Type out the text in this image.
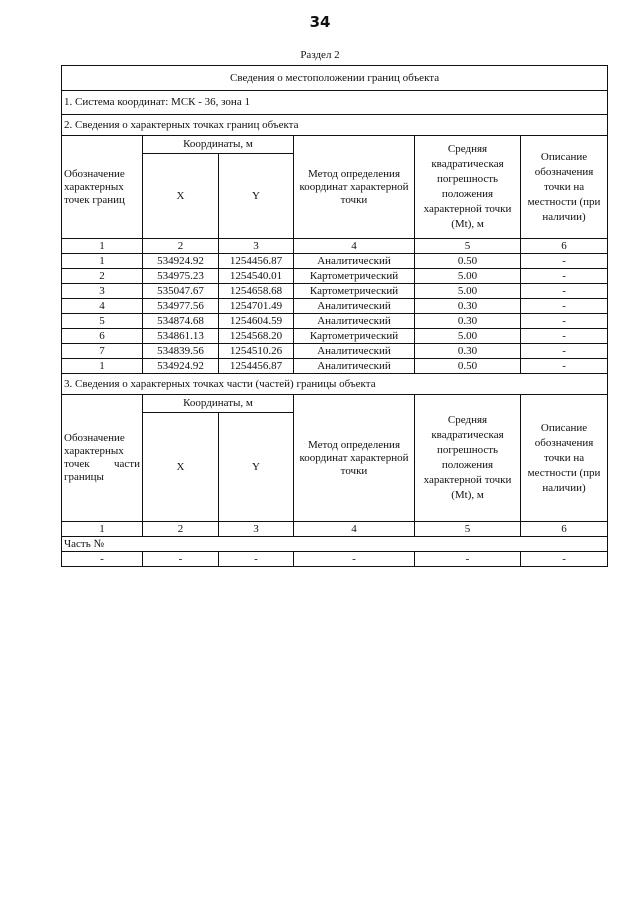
34
Раздел 2
Сведения о местоположении границ объекта					
1. Система координат: МСК - 36, зона 1					
2. Сведения о характерных точках границ объекта					
Обозначение характерных точек границ	Координаты, м		Метод определения координат характерной точки	Средняя квадратическая погрешность положения характерной точки (Mt), м	Описание обозначения точки на местности (при наличии)

	X	Y			
1	2	3	4	5	6
1	534924.92	1254456.87	Аналитический	0.50	-
2	534975.23	1254540.01	Картометрический	5.00	-
3	535047.67	1254658.68	Картометрический	5.00	-
4	534977.56	1254701.49	Аналитический	0.30	-
5	534874.68	1254604.59	Аналитический	0.30	-
6	534861.13	1254568.20	Картометрический	5.00	-
7	534839.56	1254510.26	Аналитический	0.30	-
1	534924.92	1254456.87	Аналитический	0.50	-
3. Сведения о характерных точках части (частей) границы объекта					
Обозначение характерных точек части границы	Координаты, м		Метод определения координат характерной точки	Средняя квадратическая погрешность положения характерной точки (Mt), м	Описание обозначения точки на местности (при наличии)

	X	Y			
1	2	3	4	5	6
Часть №					
-	-	-	-	-	-
